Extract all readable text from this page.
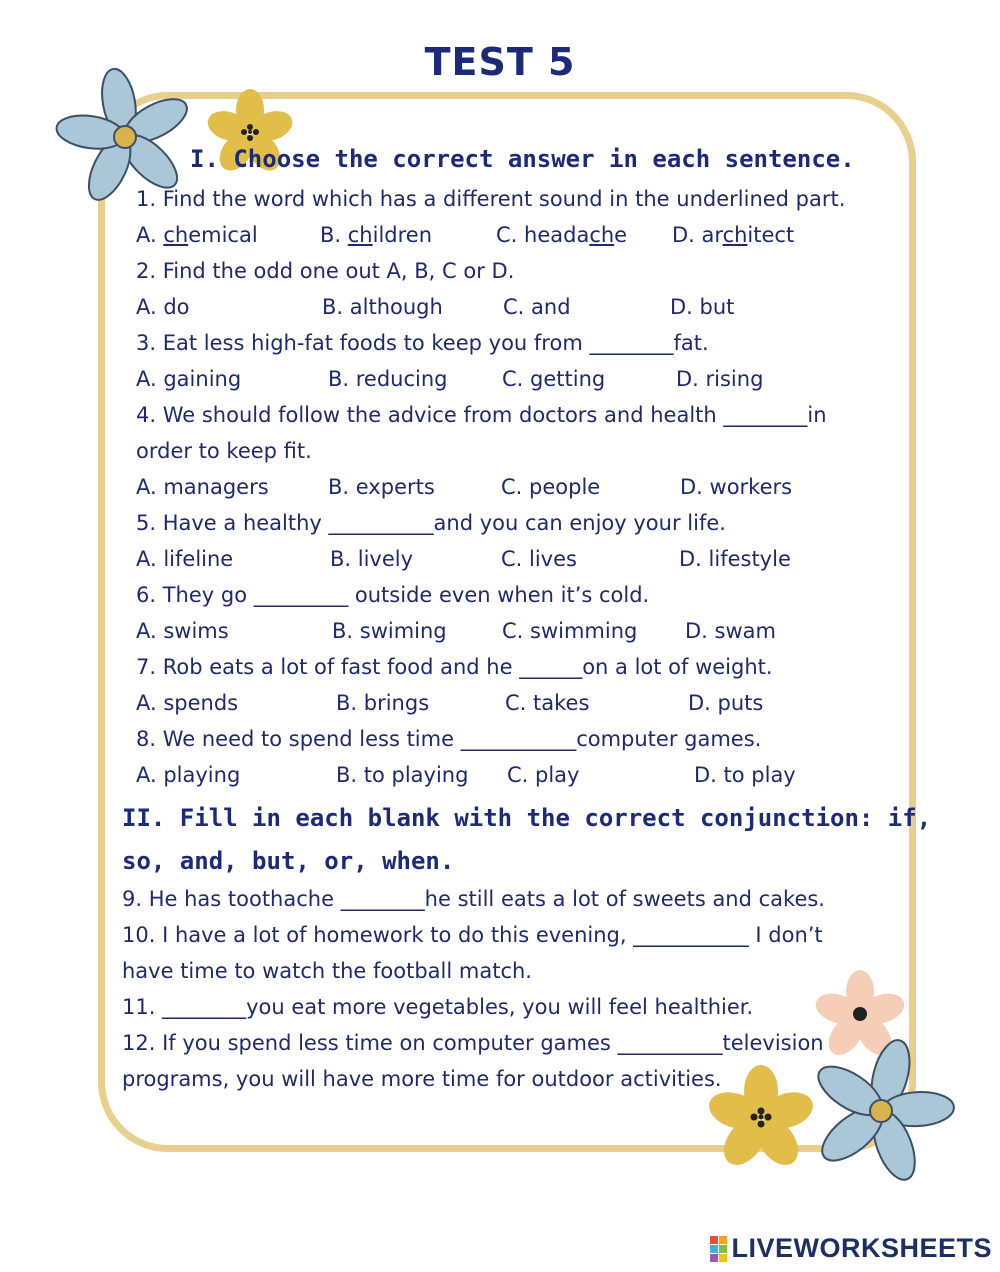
TEST 5
I. Choose the correct answer in each sentence.
1. Find the word which has a different sound in the underlined part.
A. chemical	B. children	C. headache D. architect
2. Find the odd one out A, B, C or D.
A. do	B. although	C. and	D. but
3. Eat less high-fat foods to keep you from ________fat.
A. gaining	B. reducing	C. getting	D. rising
4. We should follow the advice from doctors and health ________in
order to keep fit.
A. managers	B. experts	C. people	D. workers
5. Have a healthy __________and you can enjoy your life.
A. lifeline	B. lively	C. lives	D. lifestyle
6. They go _________ outside even when it’s cold.
A. swims	B. swiming	C. swimming D. swam
7. Rob eats a lot of fast food and he ______on a lot of weight.
A. spends	B. brings	C. takes	D. puts
8. We need to spend less time ___________computer games.
A. playing	B. to playing C. play	D. to play
II. Fill in each blank with the correct conjunction: if,
so, and, but, or, when.
9. He has toothache ________he still eats a lot of sweets and cakes.
10. I have a lot of homework to do this evening, ___________ I don’t
have time to watch the football match.
11. ________you eat more vegetables, you will feel healthier.
12. If you spend less time on computer games __________television
programs, you will have more time for outdoor activities.
LIVEWORKSHEETS
